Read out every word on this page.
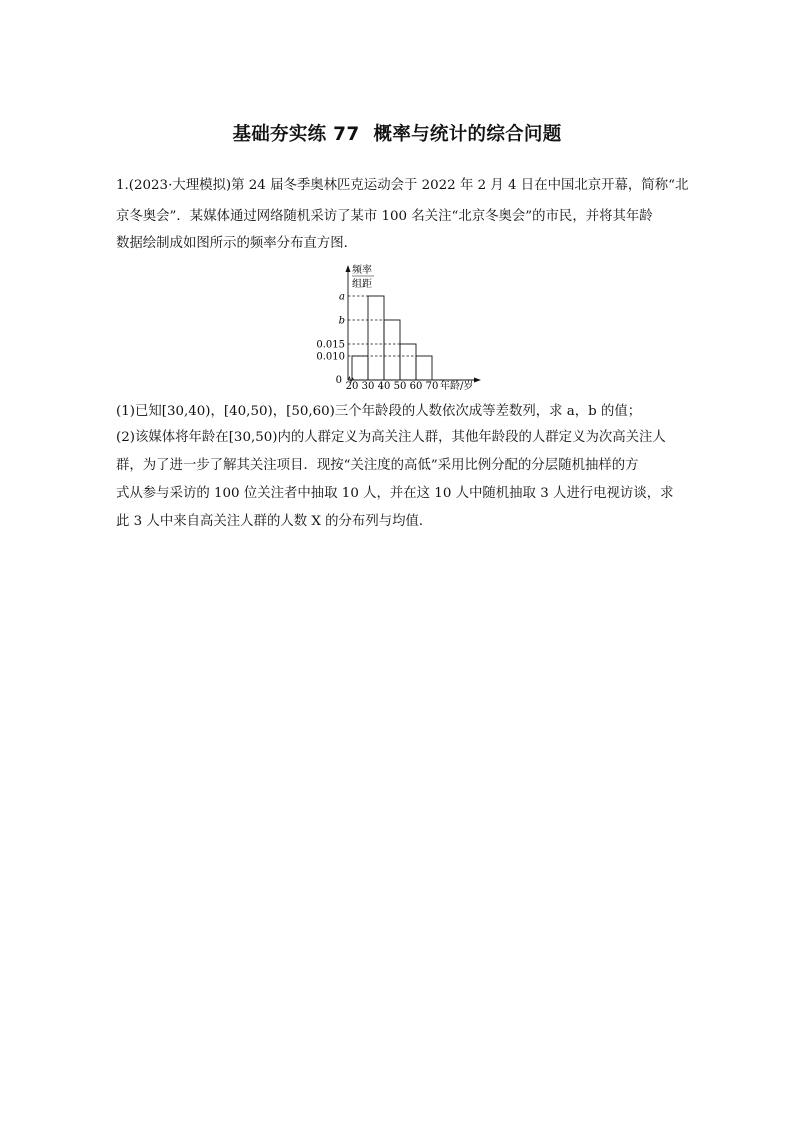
基础夯实练 77 概率与统计的综合问题
1.(2023·大理模拟)第 24 届冬季奥林匹克运动会于 2022 年 2 月 4 日在中国北京开幕，简称“北
京冬奥会”．某媒体通过网络随机采访了某市 100 名关注“北京冬奥会”的市民，并将其年龄
数据绘制成如图所示的频率分布直方图．
频率
组距
a
b
0.015
0.010
0
20 30 40 50 60 70 年龄/岁
(1)已知[30,40)，[40,50)，[50,60)三个年龄段的人数依次成等差数列，求 a，b 的值；
(2)该媒体将年龄在[30,50)内的人群定义为高关注人群，其他年龄段的人群定义为次高关注人
群，为了进一步了解其关注项目．现按“关注度的高低”采用比例分配的分层随机抽样的方
式从参与采访的 100 位关注者中抽取 10 人，并在这 10 人中随机抽取 3 人进行电视访谈，求
此 3 人中来自高关注人群的人数 X 的分布列与均值．
